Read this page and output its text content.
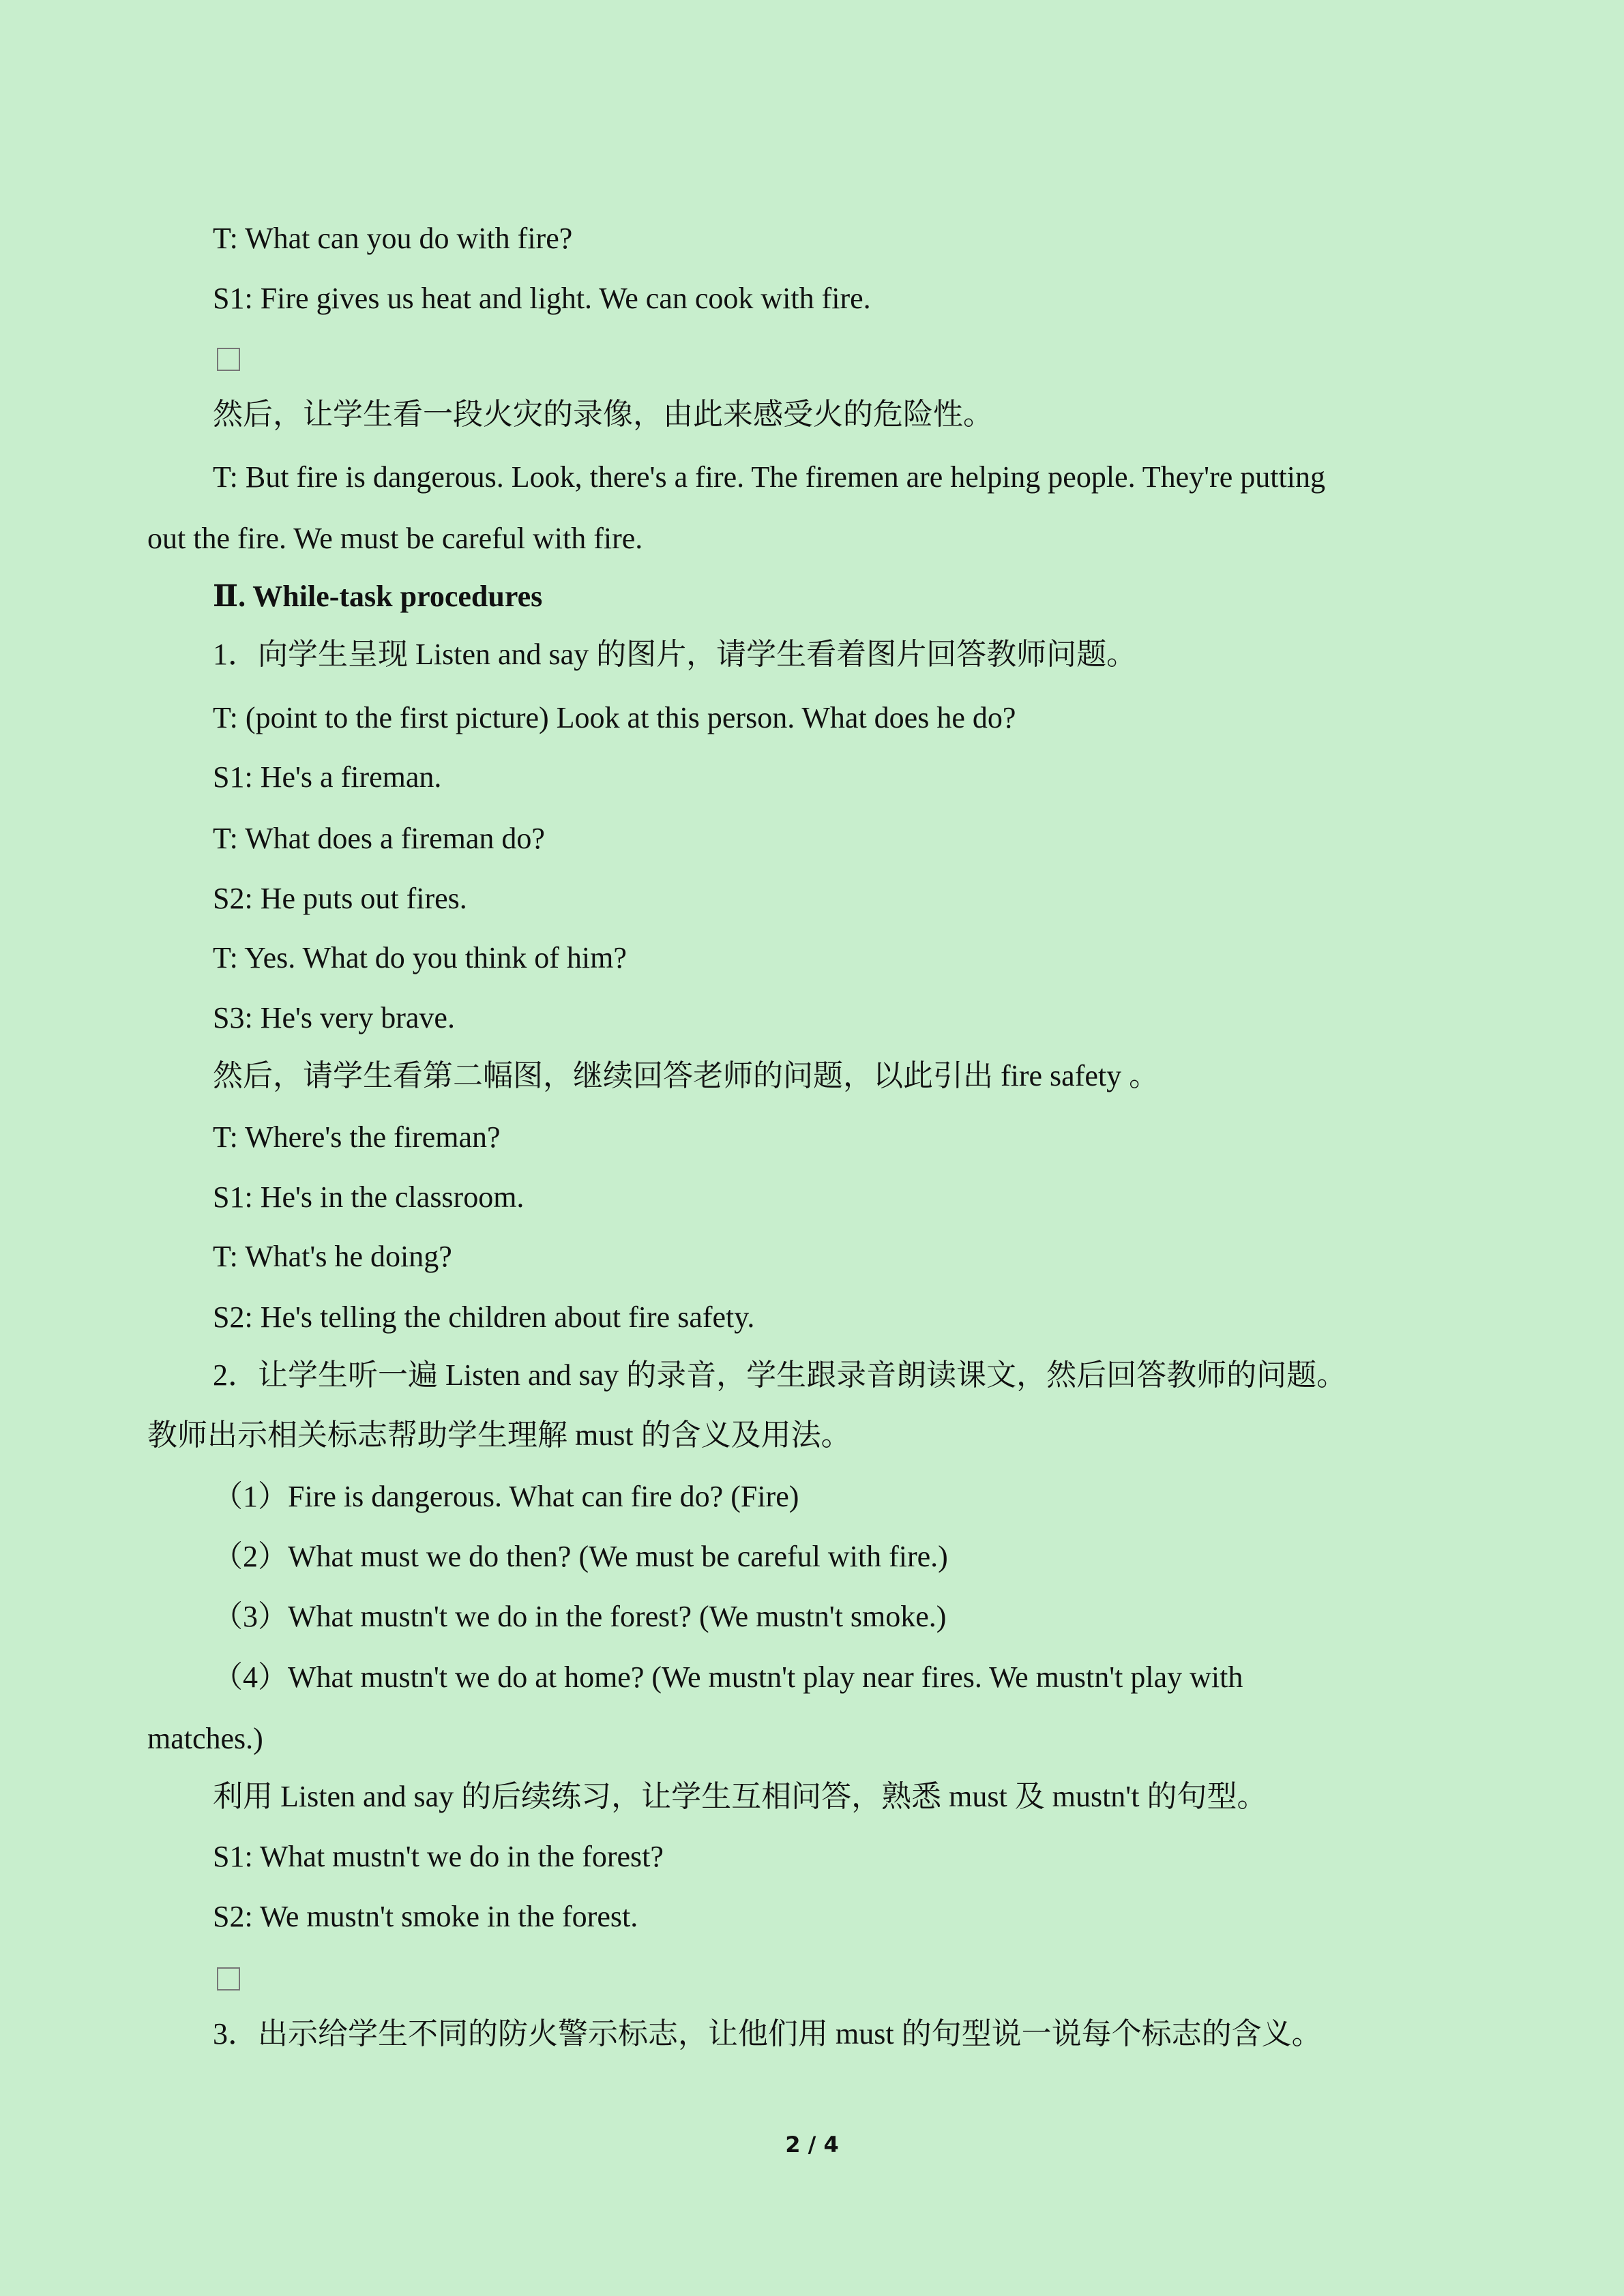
T: What can you do with fire?
S1: Fire gives us heat and light. We can cook with fire.
然后，让学生看一段火灾的录像，由此来感受火的危险性。
T: But fire is dangerous. Look, there's a fire. The firemen are helping people. They're putting
out the fire. We must be careful with fire.
Ⅱ. While-task procedures
1．向学生呈现 Listen and say 的图片，请学生看着图片回答教师问题。
T: (point to the first picture) Look at this person. What does he do?
S1: He's a fireman.
T: What does a fireman do?
S2: He puts out fires.
T: Yes. What do you think of him?
S3: He's very brave.
然后，请学生看第二幅图，继续回答老师的问题，以此引出 fire safety 。
T: Where's the fireman?
S1: He's in the classroom.
T: What's he doing?
S2: He's telling the children about fire safety.
2．让学生听一遍 Listen and say 的录音，学生跟录音朗读课文，然后回答教师的问题。
教师出示相关标志帮助学生理解 must 的含义及用法。
（1）Fire is dangerous. What can fire do? (Fire)
（2）What must we do then? (We must be careful with fire.)
（3）What mustn't we do in the forest? (We mustn't smoke.)
（4）What mustn't we do at home? (We mustn't play near fires. We mustn't play with
matches.)
利用 Listen and say 的后续练习，让学生互相问答，熟悉 must 及 mustn't 的句型。
S1: What mustn't we do in the forest?
S2: We mustn't smoke in the forest.
3．出示给学生不同的防火警示标志，让他们用 must 的句型说一说每个标志的含义。
2 / 4
